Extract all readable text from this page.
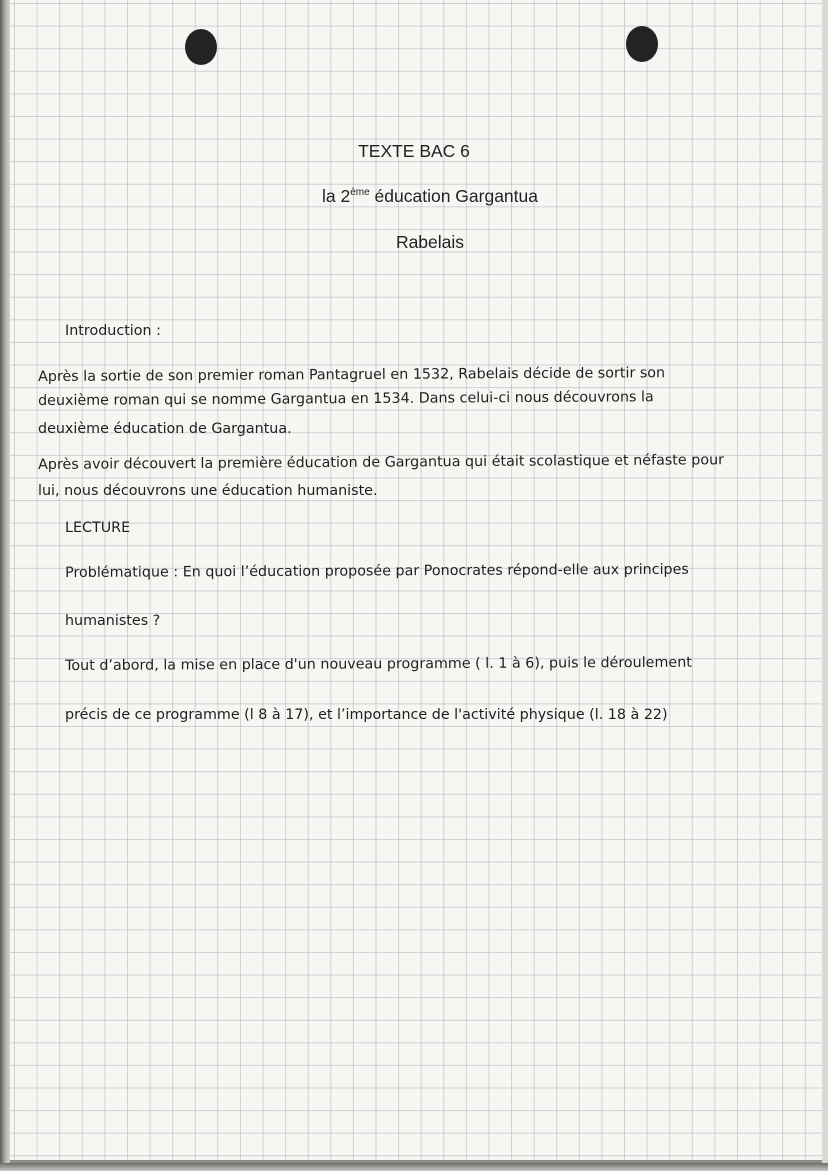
TEXTE BAC 6
la 2ème éducation Gargantua
Rabelais
Introduction :
Après la sortie de son premier roman Pantagruel en 1532, Rabelais décide de sortir son
deuxième roman qui se nomme Gargantua en 1534. Dans celui-ci nous découvrons la
deuxième éducation de Gargantua.
Après avoir découvert la première éducation de Gargantua qui était scolastique et néfaste pour
lui, nous découvrons une éducation humaniste.
LECTURE
Problématique : En quoi l’éducation proposée par Ponocrates répond-elle aux principes
humanistes ?
Tout d’abord, la mise en place d'un nouveau programme ( l. 1 à 6), puis le déroulement
précis de ce programme (l 8 à 17), et l’importance de l'activité physique (l. 18 à 22)
